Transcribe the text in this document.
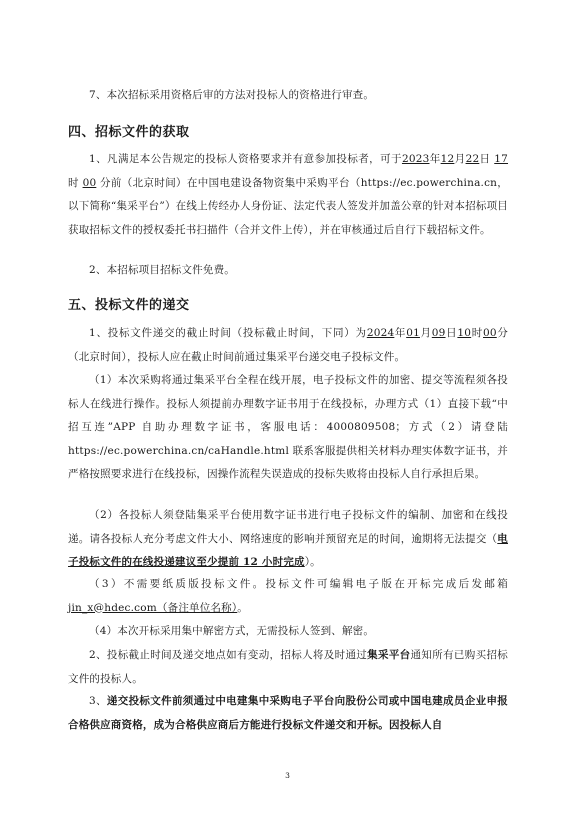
7、本次招标采用资格后审的方法对投标人的资格进行审查。

四、招标文件的获取

1、凡满足本公告规定的投标人资格要求并有意参加投标者，可于2023年12月22日 17 时 00 分前（北京时间）在中国电建设备物资集中采购平台（https://ec.powerchina.cn，以下简称“集采平台”）在线上传经办人身份证、法定代表人签发并加盖公章的针对本招标项目获取招标文件的授权委托书扫描件（合并文件上传），并在审核通过后自行下载招标文件。

2、本招标项目招标文件免费。

五、投标文件的递交

1、投标文件递交的截止时间（投标截止时间，下同）为2024年01月09日10时00分（北京时间），投标人应在截止时间前通过集采平台递交电子投标文件。

（1）本次采购将通过集采平台全程在线开展，电子投标文件的加密、提交等流程须各投标人在线进行操作。投标人须提前办理数字证书用于在线投标，办理方式（1）直接下载“中招互连”APP 自助办理数字证书，客服电话：4000809508；方式（2）请登陆 https://ec.powerchina.cn/caHandle.html 联系客服提供相关材料办理实体数字证书，并严格按照要求进行在线投标，因操作流程失误造成的投标失败将由投标人自行承担后果。

（2）各投标人须登陆集采平台使用数字证书进行电子投标文件的编制、加密和在线投递。请各投标人充分考虑文件大小、网络速度的影响并预留充足的时间，逾期将无法提交（电子投标文件的在线投递建议至少提前 12 小时完成）。

（3）不需要纸质版投标文件。投标文件可编辑电子版在开标完成后发邮箱jin_x@hdec.com（备注单位名称）。

（4）本次开标采用集中解密方式，无需投标人签到、解密。

2、投标截止时间及递交地点如有变动，招标人将及时通过集采平台通知所有已购买招标文件的投标人。

3、递交投标文件前须通过中电建集中采购电子平台向股份公司或中国电建成员企业申报合格供应商资格，成为合格供应商后方能进行投标文件递交和开标。因投标人自

3
